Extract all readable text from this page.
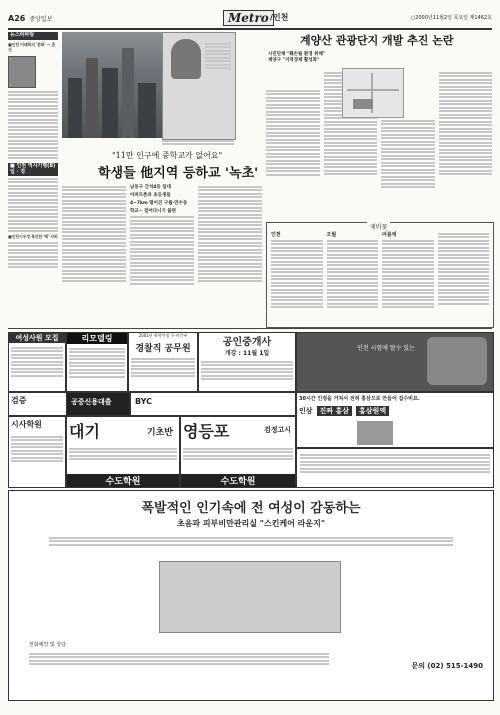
A26 중앙일보	Metro /인천	○2000년11월2일 목요일 제1462호
뉴스파파랑
■인천 미래회의 '분화' ··· 혼선
■ 인천 역사기행(8)일 · 경
■인천시우정 폭언한 '패' 사퇴
"11만 인구에 중학교가 없어요"
학생들 他지역 등하교 '녹초'
남동구 간석4동 일대
아파트촌과 초등생들
4~7km 떨어진 구월·만수동
학교~ 걸어다니기 불편
계양산 관광단지 개발 추진 논란
시민단체 "훼손될 환경 위해" 계양구 "지역경제 활성화"
제비꽃
인천	오월	여름에
여성사원 모집	리모델링	2001년 학력인정 주·야간부
경찰직 공무원
공인중개사
개강 : 11월 1일
인천 시험에 딸수 있는
검증	공중신용대출	BYC	30시간 인정을 거쳐서 전혀 홍삼으로 만들어 집수비요.
인삼	진짜 홍삼	홍삼원액
시사학원	대기	기초반
수도학원
영등포	검정고시
수도학원
폭발적인 인기속에 전 여성이 감동하는
초음파 피부비만관리실 "스킨케어 라운지"
전화예약 및 상담
문의 (02) 515-1490
